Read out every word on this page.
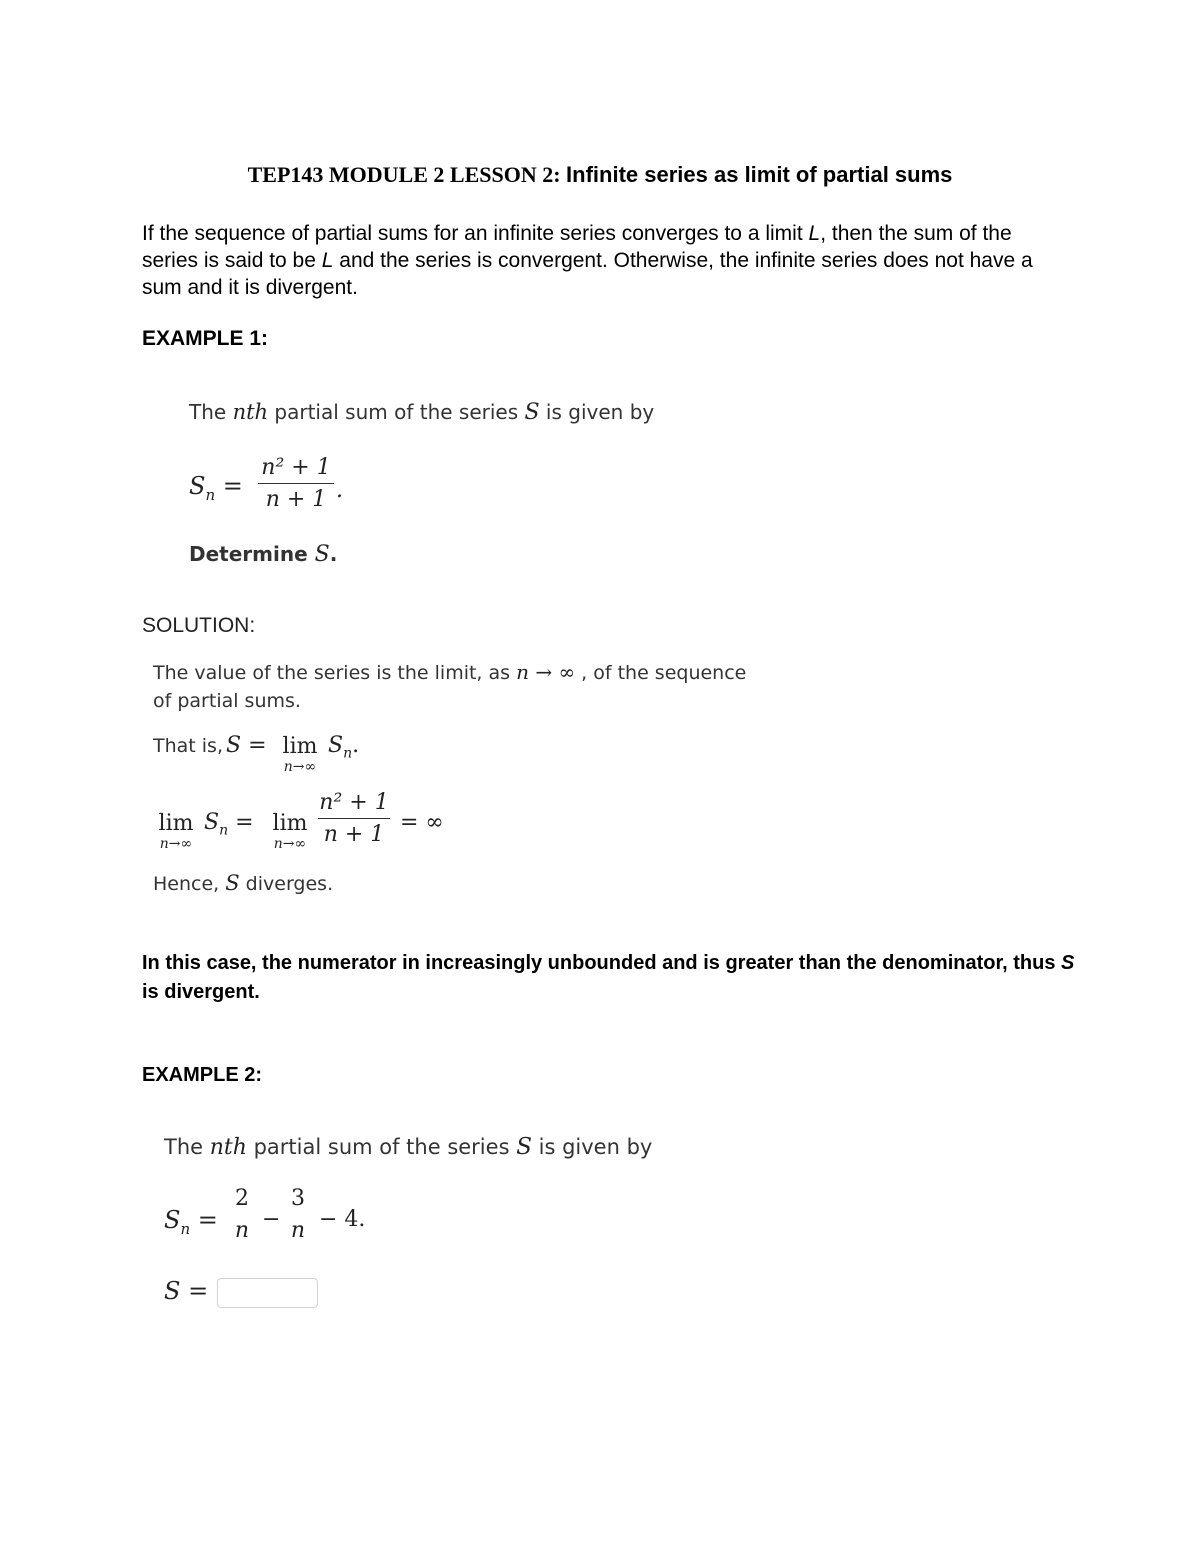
TEP143 MODULE 2 LESSON 2: Infinite series as limit of partial sums
If the sequence of partial sums for an infinite series converges to a limit L, then the sum of the series is said to be L and the series is convergent. Otherwise, the infinite series does not have a sum and it is divergent.
EXAMPLE 1:
The nth partial sum of the series S is given by
$S_n$ =
n² + 1
n + 1 .
Determine S.
SOLUTION:
The value of the series is the limit, as n → ∞ , of the sequence
of partial sums.
That is, S = lim
n→∞
$S_n$.
lim
n→∞
$S_n = \lim$
n→∞
n² + 1
n + 1 = ∞
Hence, S diverges.
In this case, the numerator in increasingly unbounded and is greater than the denominator, thus S is divergent.
EXAMPLE 2:
The nth partial sum of the series S is given by
$S_n$ =
2
n −
3
n − 4.
S =
